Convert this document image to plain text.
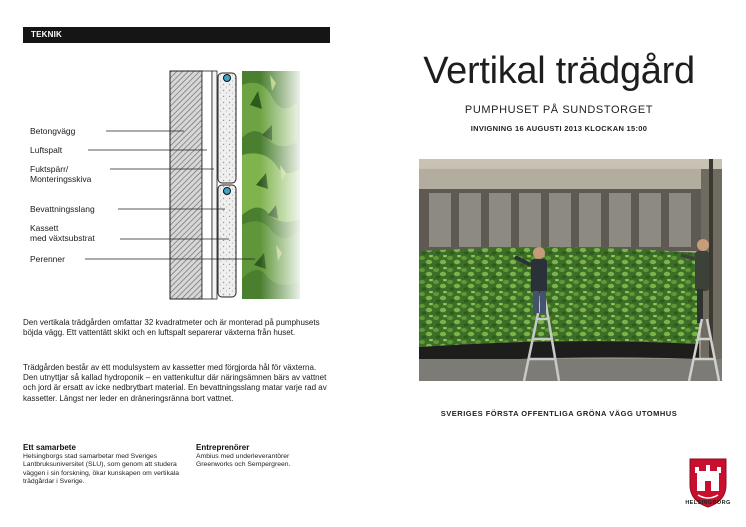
TEKNIK
Betongvägg
Luftspalt
Fuktspärr/
Monteringsskiva
Bevattningsslang
Kassett
med växtsubstrat
Perenner
Den vertikala trädgården omfattar 32 kvadratmeter och är monterad på pumphusets böjda vägg. Ett vattentätt skikt och en luftspalt separerar växterna från huset.
Trädgården består av ett modulsystem av kassetter med förgjorda hål för växterna. Den utnyttjar så kallad hydroponik – en vattenkultur där näringsämnen bärs av vattnet och jord är ersatt av icke nedbrytbart material. En bevattningsslang matar varje rad av kassetter. Längst ner leder en dräneringsränna bort vattnet.
Ett samarbete
Helsingborgs stad samarbetar med Sveriges Lantbruksuniversitet (SLU), som genom att studera väggen i sin forskning, ökar kunskapen om vertikala trädgårdar i Sverige.
Entreprenörer
Ambius med underleverantörer Greenworks och Sempergreen.
Vertikal trädgård
PUMPHUSET PÅ SUNDSTORGET
INVIGNING 16 AUGUSTI 2013 KLOCKAN 15:00
SVERIGES FÖRSTA OFFENTLIGA GRÖNA VÄGG UTOMHUS
HELSINGBORG
